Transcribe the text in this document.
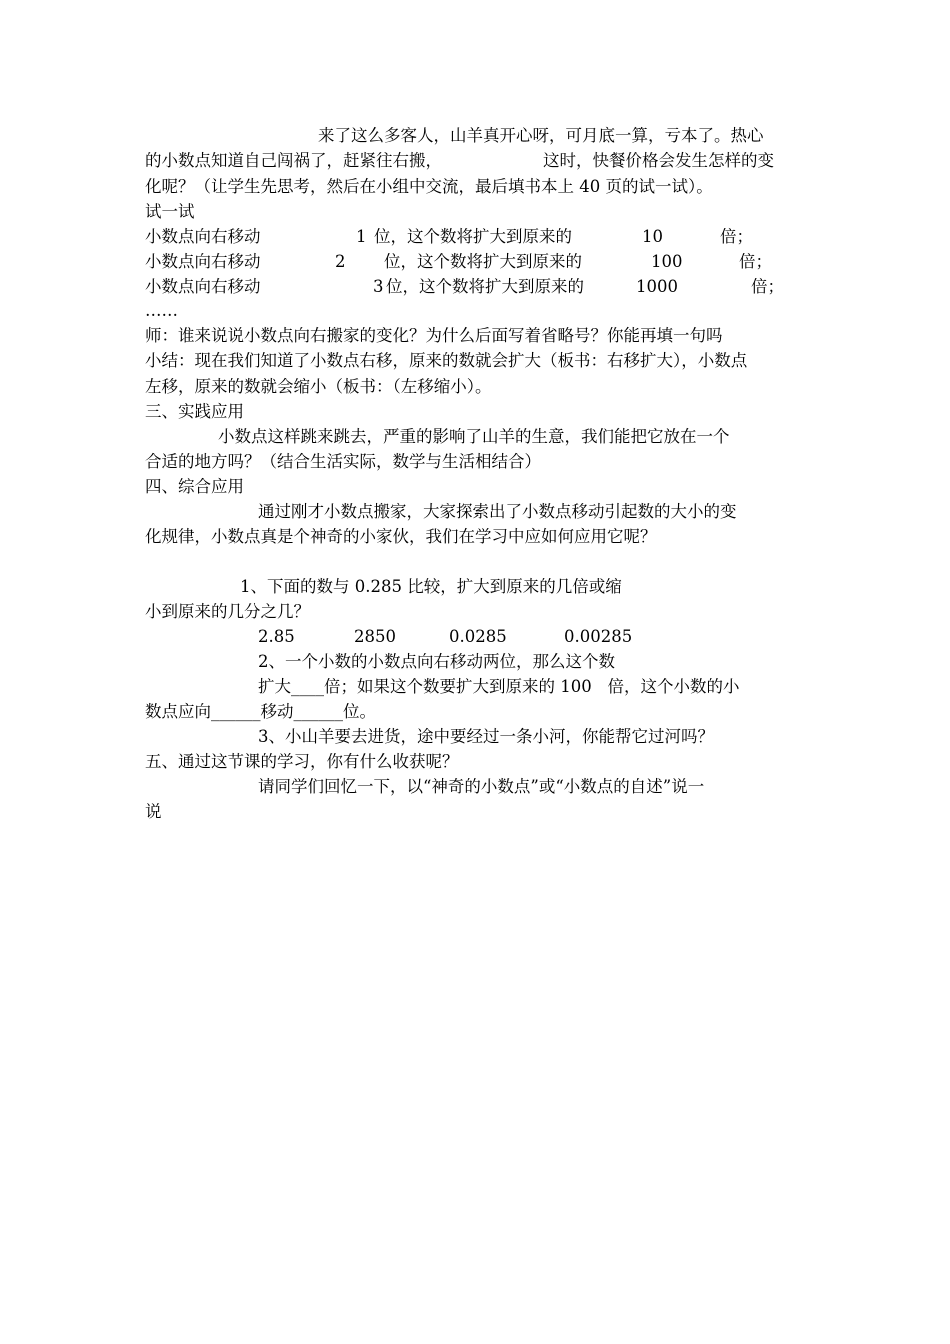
来了这么多客人，山羊真开心呀，可月底一算，亏本了。热心
的小数点知道自己闯祸了，赶紧往右搬，	这时，快餐价格会发生怎样的变
化呢？（让学生先思考，然后在小组中交流，最后填书本上 40 页的试一试）。
试一试
小数点向右移动	1 位，这个数将扩大到原来的	10	倍；
小数点向右移动	2 位，这个数将扩大到原来的	100	倍；
小数点向右移动	3 位，这个数将扩大到原来的	1000	倍；
……
师：谁来说说小数点向右搬家的变化？为什么后面写着省略号？你能再填一句吗
小结：现在我们知道了小数点右移，原来的数就会扩大（板书：右移扩大），小数点
左移，原来的数就会缩小（板书：（左移缩小）。
三、实践应用
小数点这样跳来跳去，严重的影响了山羊的生意，我们能把它放在一个
合适的地方吗？（结合生活实际，数学与生活相结合）
四、综合应用
通过刚才小数点搬家，大家探索出了小数点移动引起数的大小的变
化规律，小数点真是个神奇的小家伙，我们在学习中应如何应用它呢？
1、下面的数与 0.285 比较，扩大到原来的几倍或缩
小到原来的几分之几？
2.85	2850	0.0285	0.00285
2、一个小数的小数点向右移动两位，那么这个数
扩大____倍；如果这个数要扩大到原来的 100   倍，这个小数的小
数点应向______移动______位。
3、小山羊要去进货，途中要经过一条小河，你能帮它过河吗？
五、通过这节课的学习，你有什么收获呢？
请同学们回忆一下，以“神奇的小数点”或“小数点的自述”说一
说
